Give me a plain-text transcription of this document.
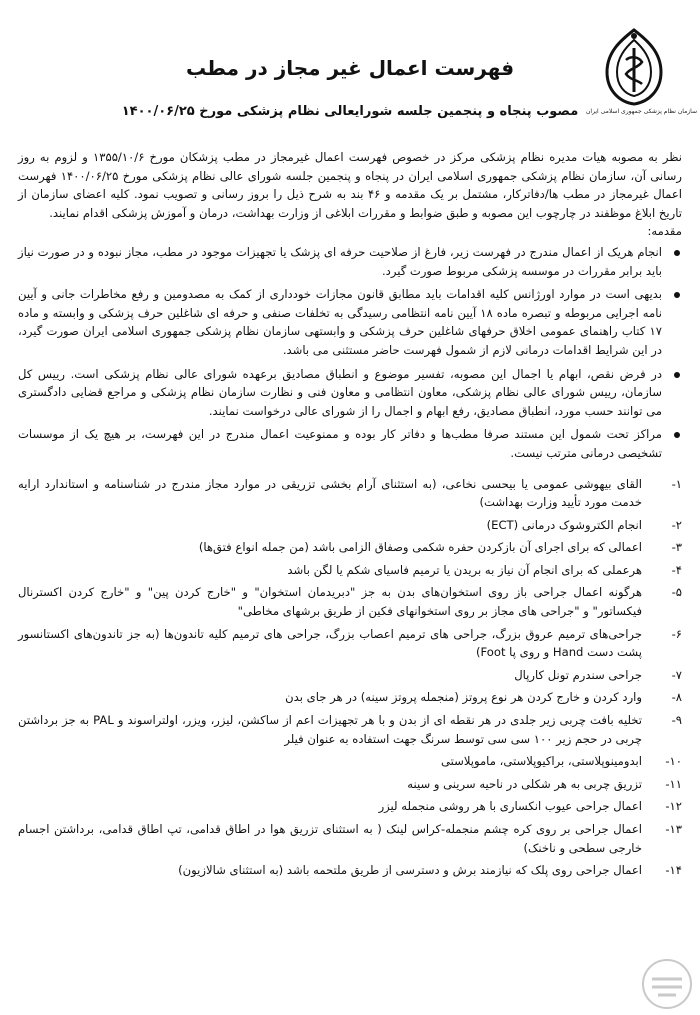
سازمان نظام پزشکی جمهوری اسلامی ایران
فهرست اعمال غیر مجاز در مطب
مصوب پنجاه و پنجمین جلسه شورایعالی نظام پزشکی مورخ ۱۴۰۰/۰۶/۲۵

نظر به مصوبه هیات مدیره نظام پزشکی مرکز در خصوص فهرست اعمال غیرمجاز در مطب پزشکان مورخ ۱۳۵۵/۱۰/۶ و لزوم به روز رسانی آن، سازمان نظام پزشکی جمهوری اسلامی ایران در پنجاه و پنجمین جلسه شورای عالی نظام پزشکی مورخ ۱۴۰۰/۰۶/۲۵ فهرست اعمال غیرمجاز در مطب ها/دفاترکار، مشتمل بر یک مقدمه و ۴۶ بند به شرح ذیل را بروز رسانی و تصویب نمود. کلیه اعضای سازمان از تاریخ ابلاغ موظفند در چارچوب این مصوبه و طبق ضوابط و مقررات ابلاغی از وزارت بهداشت، درمان و آموزش پزشکی اقدام نمایند.

مقدمه:

انجام هریک از اعمال مندرج در فهرست زیر، فارغ از صلاحیت حرفه ای پزشک یا تجهیزات موجود در مطب، مجاز نبوده و در صورت نیاز باید برابر مقررات در موسسه پزشکی مربوط صورت گیرد.
بدیهی است در موارد اورژانس کلیه اقدامات باید مطابق قانون مجازات خودداری از کمک به مصدومین و رفع مخاطرات جانی و آیین نامه اجرایی مربوطه و تبصره ماده ۱۸ آیین نامه انتظامی رسیدگی به تخلفات صنفی و حرفه ای شاغلین حرف پزشکی و وابسته و ماده ۱۷ کتاب راهنمای عمومی اخلاق حرفهای شاغلین حرف پزشکی و وابستهی سازمان نظام پزشکی جمهوری اسلامی ایران صورت گیرد، در این شرایط اقدامات درمانی لازم از شمول فهرست حاضر مستثنی می باشد.
در فرض نقص، ابهام یا اجمال این مصوبه، تفسیر موضوع و انطباق مصادیق برعهده شورای عالی نظام پزشکی است. رییس کل سازمان، رییس شورای عالی نظام پزشکی، معاون انتظامی و معاون فنی و نظارت سازمان نظام پزشکی و مراجع قضایی دادگستری می توانند حسب مورد، انطباق مصادیق، رفع ابهام و اجمال را از شورای عالی درخواست نمایند.
مراکز تحت شمول این مستند صرفا مطب‌ها و دفاتر کار بوده و ممنوعیت اعمال مندرج در این فهرست، بر هیچ یک از موسسات تشخیصی درمانی مترتب نیست.
۱-
القای بیهوشی عمومی یا بیحسی نخاعی، (به استثنای آرام بخشی تزریقی در موارد مجاز مندرج در شناسنامه و استاندارد ارایه خدمت مورد تأیید وزارت بهداشت)
۲-
انجام الکتروشوک درمانی (ECT)
۳-
اعمالی که برای اجرای آن بازکردن حفره شکمی وصفاق الزامی باشد (من جمله انواع فتق‌ها)
۴-
هرعملی که برای انجام آن نیاز به بریدن یا ترمیم فاسیای شکم یا لگن باشد
۵-
هرگونه اعمال جراحی باز روی استخوان‌های بدن به جز "دبریدمان استخوان" و "خارج کردن پین" و "خارج کردن اکسترنال فیکساتور" و "جراحی های مجاز بر روی استخوانهای فکین از طریق برشهای مخاطی"
۶-
جراحی‌های ترمیم عروق بزرگ، جراحی های ترمیم اعصاب بزرگ، جراحی های ترمیم کلیه تاندون‌ها (به جز تاندون‌های اکستانسور پشت دست Hand و روی پا Foot)
۷-
جراحی سندرم تونل کارپال
۸-
وارد کردن و خارج کردن هر نوع پروتز (منجمله پروتز سینه) در هر جای بدن
۹-
تخلیه بافت چربی زیر جلدی در هر نقطه ای از بدن و با هر تجهیزات اعم از ساکشن، لیزر، ویزر، اولتراسوند و PAL به جز برداشتن چربی در حجم زیر ۱۰۰ سی سی توسط سرنگ جهت استفاده به عنوان فیلر
۱۰-
ابدومینوپلاستی، براکیوپلاستی، ماموپلاستی
۱۱-
تزریق چربی به هر شکلی در ناحیه سرینی و سینه
۱۲-
اعمال جراحی عیوب انکساری با هر روشی منجمله لیزر
۱۳-
اعمال جراحی بر روی کره چشم منجمله-کراس لینک ( به استثنای تزریق هوا در اطاق قدامی، تپ اطاق قدامی، برداشتن اجسام خارجی سطحی و ناخنک)
۱۴-
اعمال جراحی روی پلک که نیازمند برش و دسترسی از طریق ملتحمه باشد (به استثنای شالازیون)
